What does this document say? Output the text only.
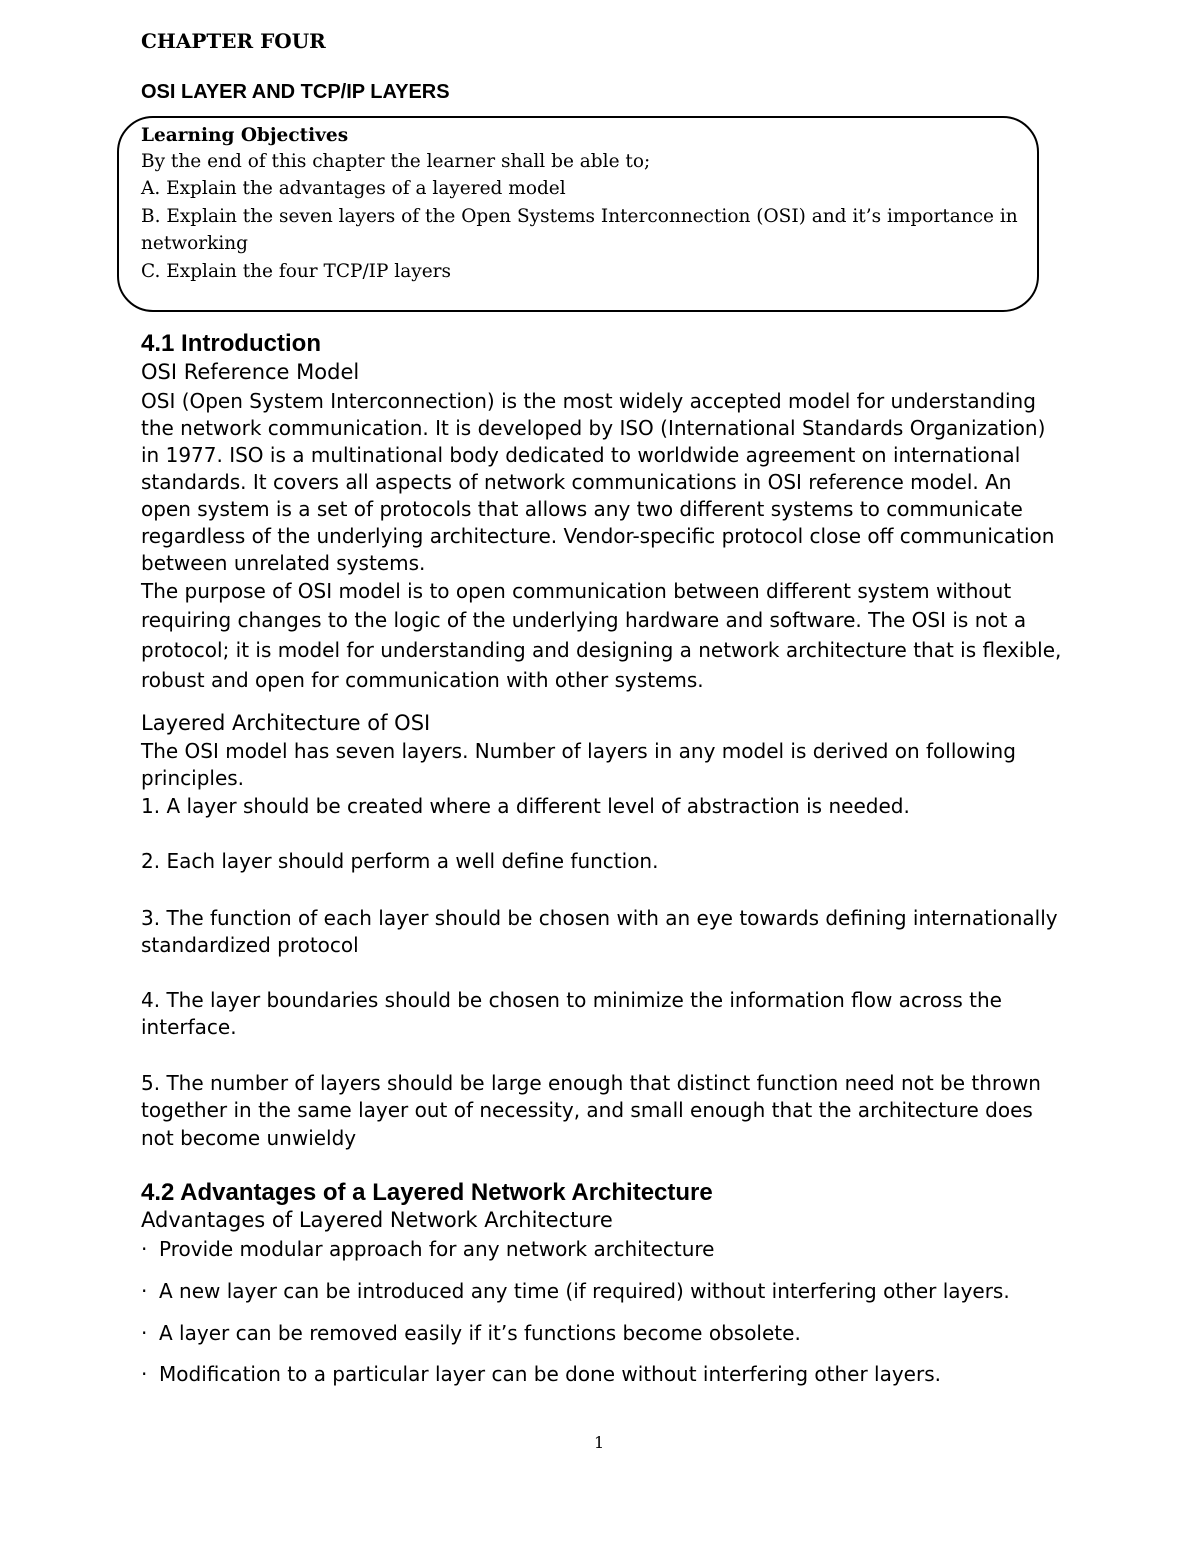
CHAPTER FOUR
OSI LAYER AND TCP/IP LAYERS
Learning Objectives
By the end of this chapter the learner shall be able to;
A. Explain the advantages of a layered model
B. Explain the seven layers of the Open Systems Interconnection (OSI) and it’s importance in
networking
C. Explain the four TCP/IP layers
4.1 Introduction
OSI Reference Model
OSI (Open System Interconnection) is the most widely accepted model for understanding
the network communication. It is developed by ISO (International Standards Organization)
in 1977. ISO is a multinational body dedicated to worldwide agreement on international
standards. It covers all aspects of network communications in OSI reference model. An
open system is a set of protocols that allows any two different systems to communicate
regardless of the underlying architecture. Vendor-specific protocol close off communication
between unrelated systems.
The purpose of OSI model is to open communication between different system without
requiring changes to the logic of the underlying hardware and software. The OSI is not a
protocol; it is model for understanding and designing a network architecture that is flexible,
robust and open for communication with other systems.
Layered Architecture of OSI
The OSI model has seven layers. Number of layers in any model is derived on following
principles.
1. A layer should be created where a different level of abstraction is needed.
2. Each layer should perform a well define function.
3. The function of each layer should be chosen with an eye towards defining internationally
standardized protocol
4. The layer boundaries should be chosen to minimize the information flow across the
interface.
5. The number of layers should be large enough that distinct function need not be thrown
together in the same layer out of necessity, and small enough that the architecture does
not become unwieldy
4.2 Advantages of a Layered Network Architecture
Advantages of Layered Network Architecture
· Provide modular approach for any network architecture
· A new layer can be introduced any time (if required) without interfering other layers.
· A layer can be removed easily if it’s functions become obsolete.
· Modification to a particular layer can be done without interfering other layers.
1
